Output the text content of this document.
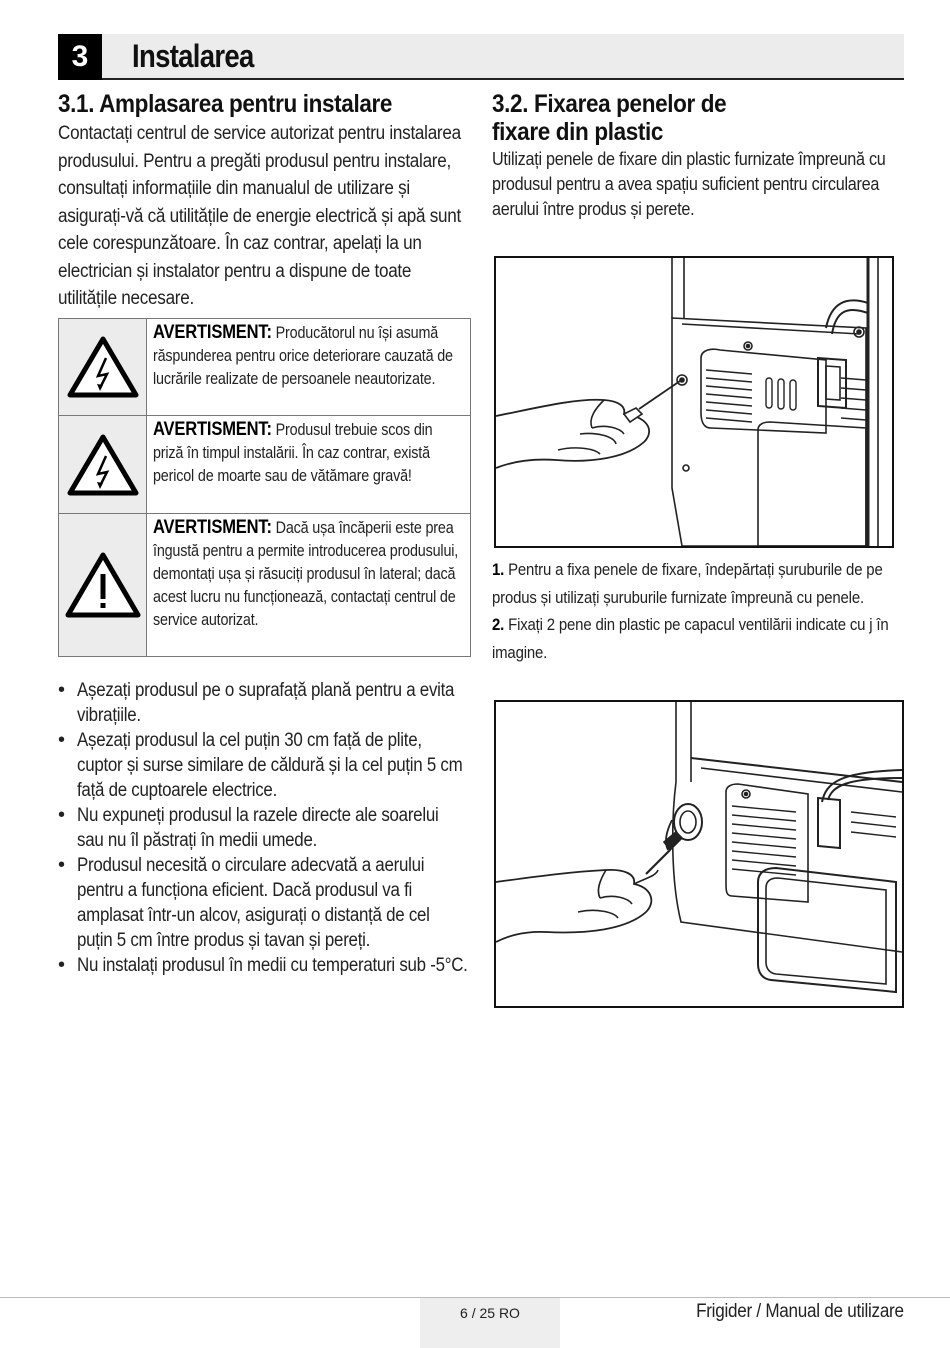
3	Instalarea
3.1. Amplasarea pentru instalare
Contactați centrul de service autorizat pentru instalarea produsului. Pentru a pregăti produsul pentru instalare, consultați informațiile din manualul de utilizare și asigurați-vă că utilitățile de energie electrică și apă sunt cele corespunzătoare. În caz contrar, apelați la un electrician și instalator pentru a dispune de toate utilitățile necesare.
AVERTISMENT: Producătorul nu își asumă răspunderea pentru orice deteriorare cauzată de lucrările realizate de persoanele neautorizate.
AVERTISMENT: Produsul trebuie scos din priză în timpul instalării. În caz contrar, există pericol de moarte sau de vătămare gravă!
AVERTISMENT: Dacă ușa încăperii este prea îngustă pentru a permite introducerea produsului, demontați ușa și răsuciți produsul în lateral; dacă acest lucru nu funcționează, contactați centrul de service autorizat.
• Așezați produsul pe o suprafață plană pentru a evita vibrațiile.
• Așezați produsul la cel puțin 30 cm față de plite, cuptor și surse similare de căldură și la cel puțin 5 cm față de cuptoarele electrice.
• Nu expuneți produsul la razele directe ale soarelui sau nu îl păstrați în medii umede.
• Produsul necesită o circulare adecvată a aerului pentru a funcționa eficient. Dacă produsul va fi amplasat într-un alcov, asigurați o distanță de cel puțin 5 cm între produs și tavan și pereți.
• Nu instalați produsul în medii cu temperaturi sub -5°C.
3.2. Fixarea penelor de
fixare din plastic
Utilizați penele de fixare din plastic furnizate împreună cu produsul pentru a avea spațiu suficient pentru circularea aerului între produs și perete.

1. Pentru a fixa penele de fixare, îndepărtați șuruburile de pe produs și utilizați șuruburile furnizate împreună cu penele.

2. Fixați 2 pene din plastic pe capacul ventilării indicate cu j în imagine.

6 / 25 RO	Frigider / Manual de utilizare
